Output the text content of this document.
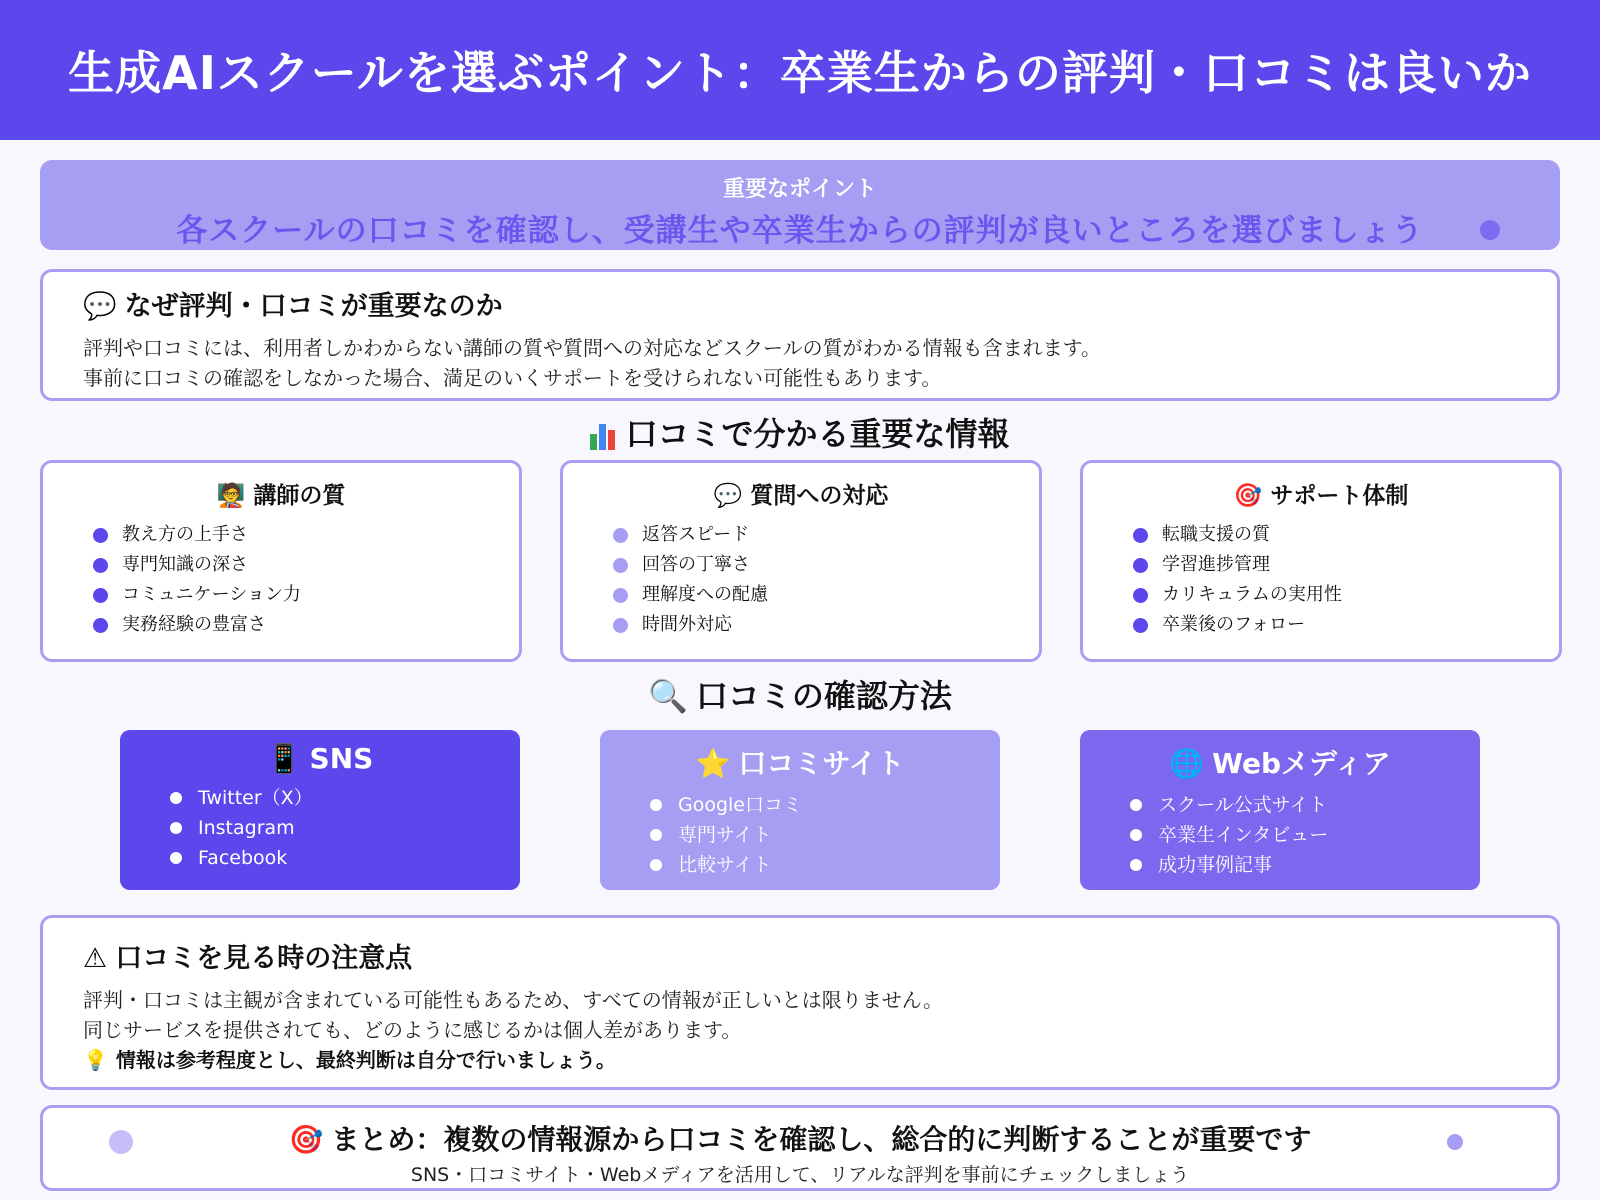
生成AIスクールを選ぶポイント：卒業生からの評判・口コミは良いか
重要なポイント
各スクールの口コミを確認し、受講生や卒業生からの評判が良いところを選びましょう
💬 なぜ評判・口コミが重要なのか

評判や口コミには、利用者しかわからない講師の質や質問への対応などスクールの質がわかる情報も含まれます。

事前に口コミの確認をしなかった場合、満足のいくサポートを受けられない可能性もあります。

口コミで分かる重要な情報
🧑‍🏫 講師の質
教え方の上手さ
専門知識の深さ
コミュニケーション力
実務経験の豊富さ
💬 質問への対応
返答スピード
回答の丁寧さ
理解度への配慮
時間外対応
🎯 サポート体制
転職支援の質
学習進捗管理
カリキュラムの実用性
卒業後のフォロー
🔍 口コミの確認方法
📱 SNS
Twitter（X）
Instagram
Facebook
⭐ 口コミサイト
Google口コミ
専門サイト
比較サイト
🌐 Webメディア
スクール公式サイト
卒業生インタビュー
成功事例記事
⚠ 口コミを見る時の注意点

評判・口コミは主観が含まれている可能性もあるため、すべての情報が正しいとは限りません。

同じサービスを提供されても、どのように感じるかは個人差があります。

💡 情報は参考程度とし、最終判断は自分で行いましょう。

🎯 まとめ：複数の情報源から口コミを確認し、総合的に判断することが重要です
SNS・口コミサイト・Webメディアを活用して、リアルな評判を事前にチェックしましょう
